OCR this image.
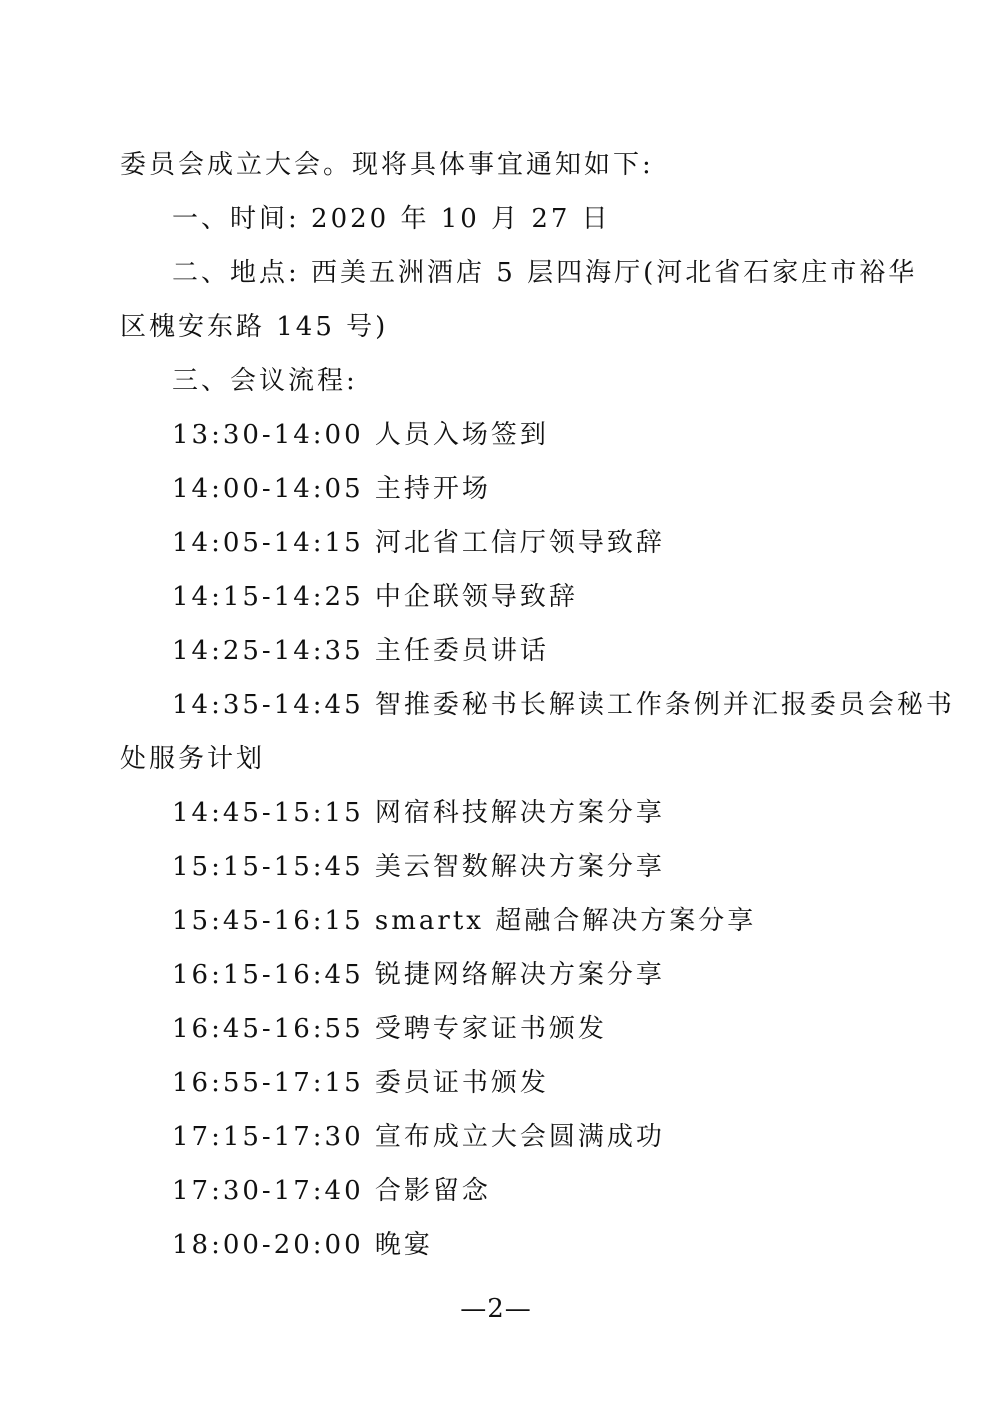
委员会成立大会。现将具体事宜通知如下:
一、时间: 2020 年 10 月 27 日
二、地点: 西美五洲酒店 5 层四海厅(河北省石家庄市裕华
区槐安东路 145 号)
三、会议流程:
13:30-14:00 人员入场签到
14:00-14:05 主持开场
14:05-14:15 河北省工信厅领导致辞
14:15-14:25 中企联领导致辞
14:25-14:35 主任委员讲话
14:35-14:45 智推委秘书长解读工作条例并汇报委员会秘书
处服务计划
14:45-15:15 网宿科技解决方案分享
15:15-15:45 美云智数解决方案分享
15:45-16:15 smartx 超融合解决方案分享
16:15-16:45 锐捷网络解决方案分享
16:45-16:55 受聘专家证书颁发
16:55-17:15 委员证书颁发
17:15-17:30 宣布成立大会圆满成功
17:30-17:40 合影留念
18:00-20:00 晚宴
—2—
